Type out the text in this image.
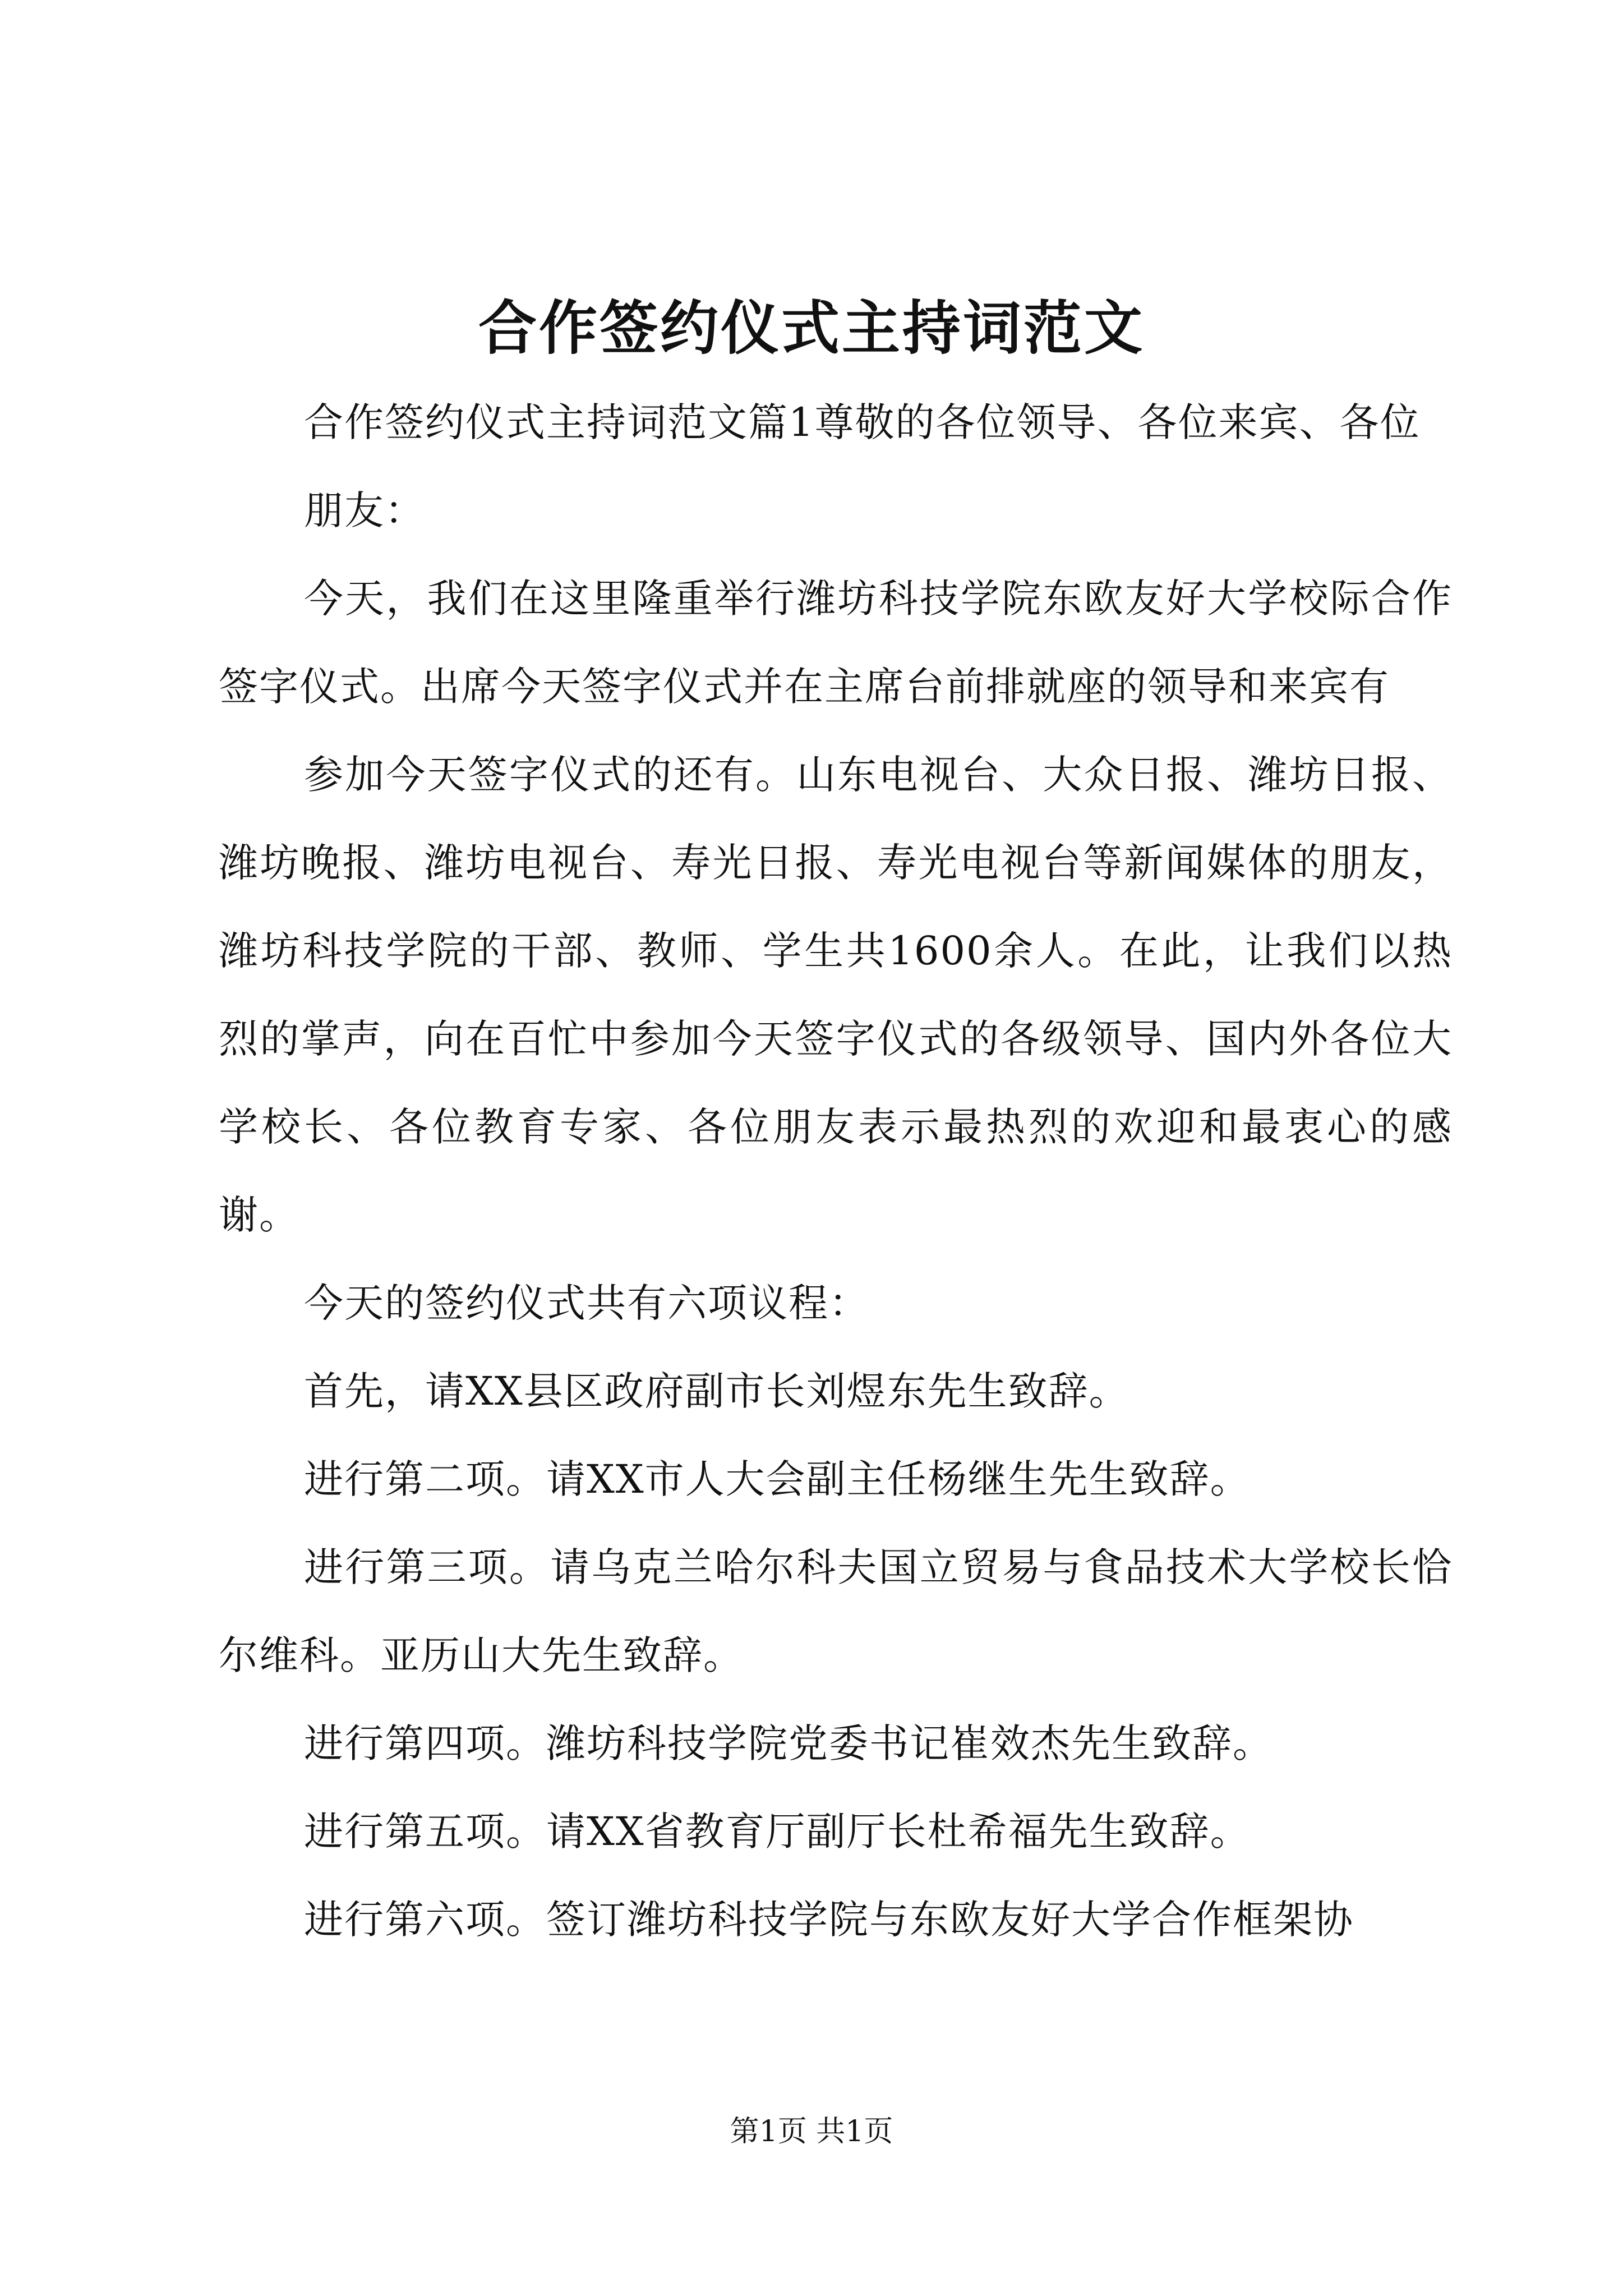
合作签约仪式主持词范文

合作签约仪式主持词范文篇1尊敬的各位领导、各位来宾、各位

朋友：

今天，我们在这里隆重举行潍坊科技学院东欧友好大学校际合作签字仪式。出席今天签字仪式并在主席台前排就座的领导和来宾有

参加今天签字仪式的还有。山东电视台、大众日报、潍坊日报、潍坊晚报、潍坊电视台、寿光日报、寿光电视台等新闻媒体的朋友，潍坊科技学院的干部、教师、学生共1600余人。在此，让我们以热烈的掌声，向在百忙中参加今天签字仪式的各级领导、国内外各位大学校长、各位教育专家、各位朋友表示最热烈的欢迎和最衷心的感谢。

今天的签约仪式共有六项议程：

首先，请XX县区政府副市长刘煜东先生致辞。

进行第二项。请XX市人大会副主任杨继生先生致辞。

进行第三项。请乌克兰哈尔科夫国立贸易与食品技术大学校长恰尔维科。亚历山大先生致辞。

进行第四项。潍坊科技学院党委书记崔效杰先生致辞。

进行第五项。请XX省教育厅副厅长杜希福先生致辞。

进行第六项。签订潍坊科技学院与东欧友好大学合作框架协

第1页 共1页
